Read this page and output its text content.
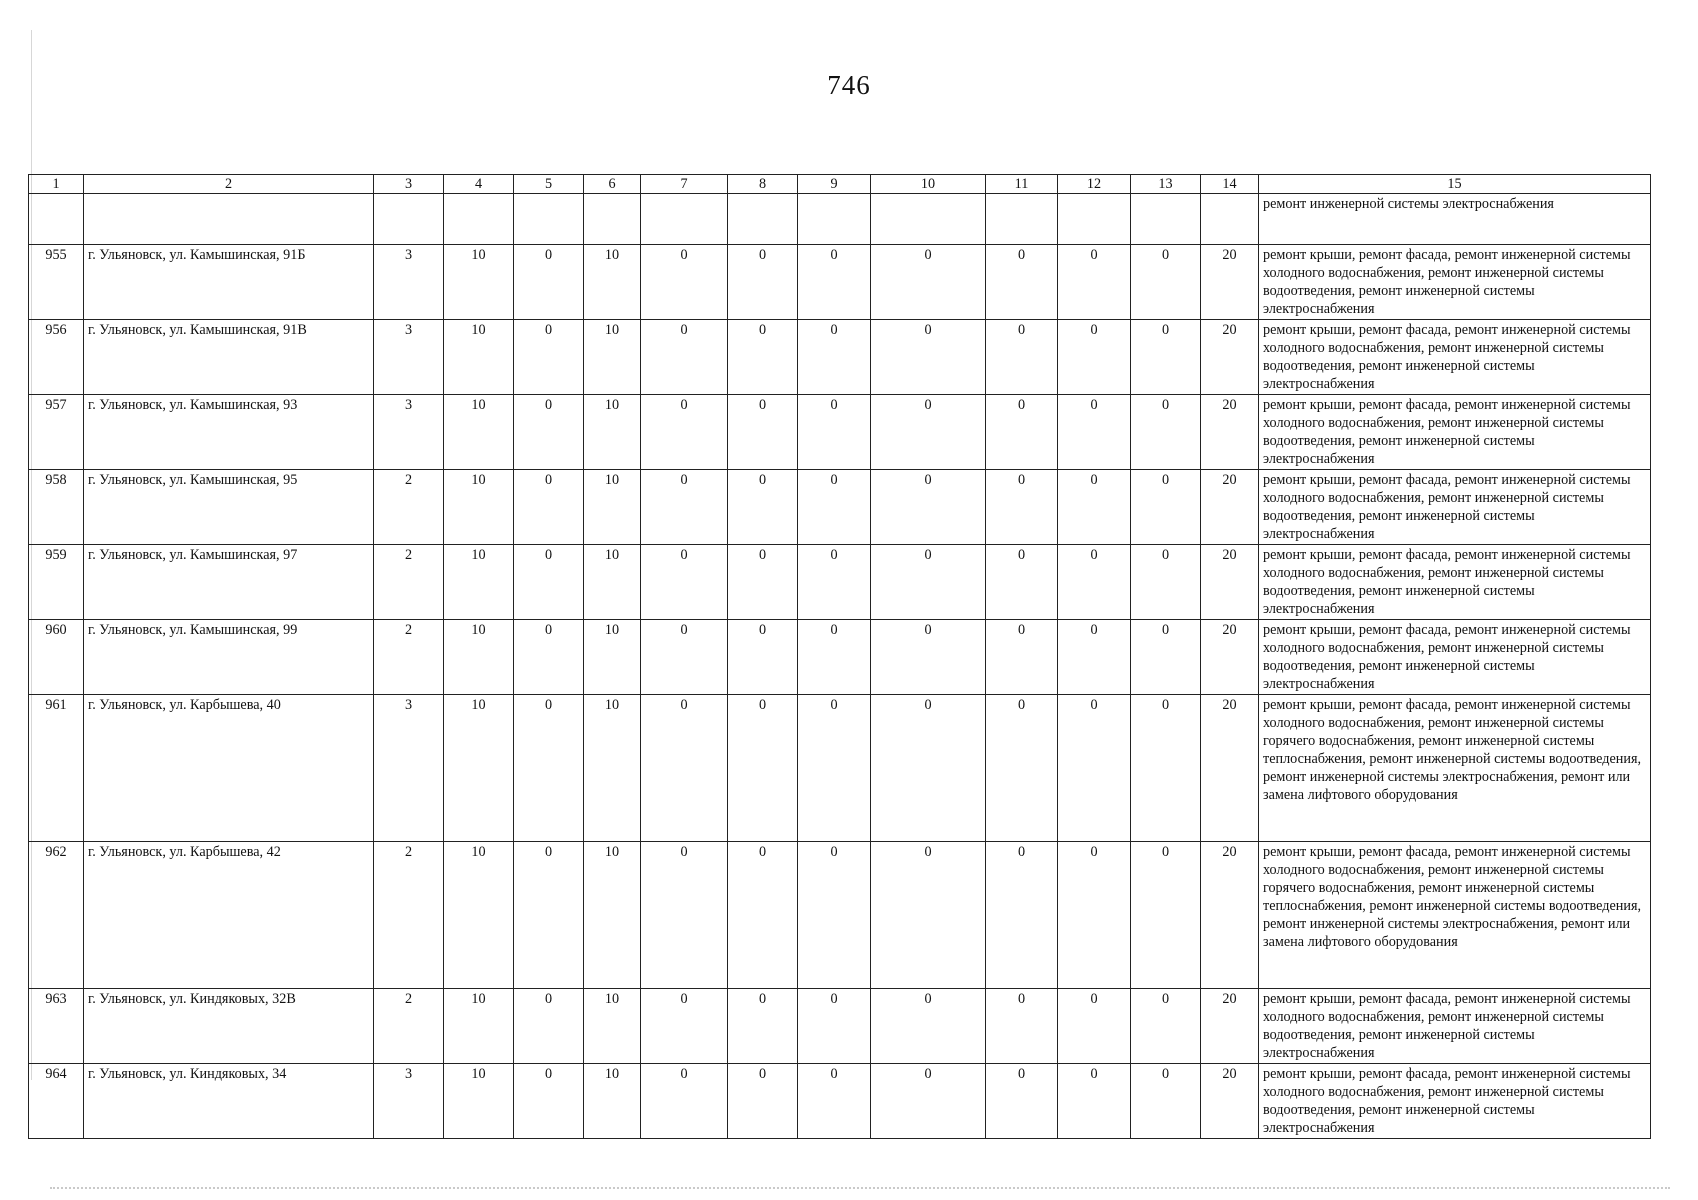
746
1	2	3	4	5	6	7	8	9	10	11	12	13	14	15
														ремонт инженерной системы электроснабжения
955	г. Ульяновск, ул. Камышинская, 91Б	3	10	0	10	0	0	0	0	0	0	0	20	ремонт крыши, ремонт фасада, ремонт инженерной системы холодного водоснабжения, ремонт инженерной системы водоотведения, ремонт инженерной системы электроснабжения
956	г. Ульяновск, ул. Камышинская, 91В	3	10	0	10	0	0	0	0	0	0	0	20	ремонт крыши, ремонт фасада, ремонт инженерной системы холодного водоснабжения, ремонт инженерной системы водоотведения, ремонт инженерной системы электроснабжения
957	г. Ульяновск, ул. Камышинская, 93	3	10	0	10	0	0	0	0	0	0	0	20	ремонт крыши, ремонт фасада, ремонт инженерной системы холодного водоснабжения, ремонт инженерной системы водоотведения, ремонт инженерной системы электроснабжения
958	г. Ульяновск, ул. Камышинская, 95	2	10	0	10	0	0	0	0	0	0	0	20	ремонт крыши, ремонт фасада, ремонт инженерной системы холодного водоснабжения, ремонт инженерной системы водоотведения, ремонт инженерной системы электроснабжения
959	г. Ульяновск, ул. Камышинская, 97	2	10	0	10	0	0	0	0	0	0	0	20	ремонт крыши, ремонт фасада, ремонт инженерной системы холодного водоснабжения, ремонт инженерной системы водоотведения, ремонт инженерной системы электроснабжения
960	г. Ульяновск, ул. Камышинская, 99	2	10	0	10	0	0	0	0	0	0	0	20	ремонт крыши, ремонт фасада, ремонт инженерной системы холодного водоснабжения, ремонт инженерной системы водоотведения, ремонт инженерной системы электроснабжения
961	г. Ульяновск, ул. Карбышева, 40	3	10	0	10	0	0	0	0	0	0	0	20	ремонт крыши, ремонт фасада, ремонт инженерной системы холодного водоснабжения, ремонт инженерной системы горячего водоснабжения, ремонт инженерной системы теплоснабжения, ремонт инженерной системы водоотведения, ремонт инженерной системы электроснабжения, ремонт или замена лифтового оборудования
962	г. Ульяновск, ул. Карбышева, 42	2	10	0	10	0	0	0	0	0	0	0	20	ремонт крыши, ремонт фасада, ремонт инженерной системы холодного водоснабжения, ремонт инженерной системы горячего водоснабжения, ремонт инженерной системы теплоснабжения, ремонт инженерной системы водоотведения, ремонт инженерной системы электроснабжения, ремонт или замена лифтового оборудования
963	г. Ульяновск, ул. Киндяковых, 32В	2	10	0	10	0	0	0	0	0	0	0	20	ремонт крыши, ремонт фасада, ремонт инженерной системы холодного водоснабжения, ремонт инженерной системы водоотведения, ремонт инженерной системы электроснабжения
964	г. Ульяновск, ул. Киндяковых, 34	3	10	0	10	0	0	0	0	0	0	0	20	ремонт крыши, ремонт фасада, ремонт инженерной системы холодного водоснабжения, ремонт инженерной системы водоотведения, ремонт инженерной системы электроснабжения
